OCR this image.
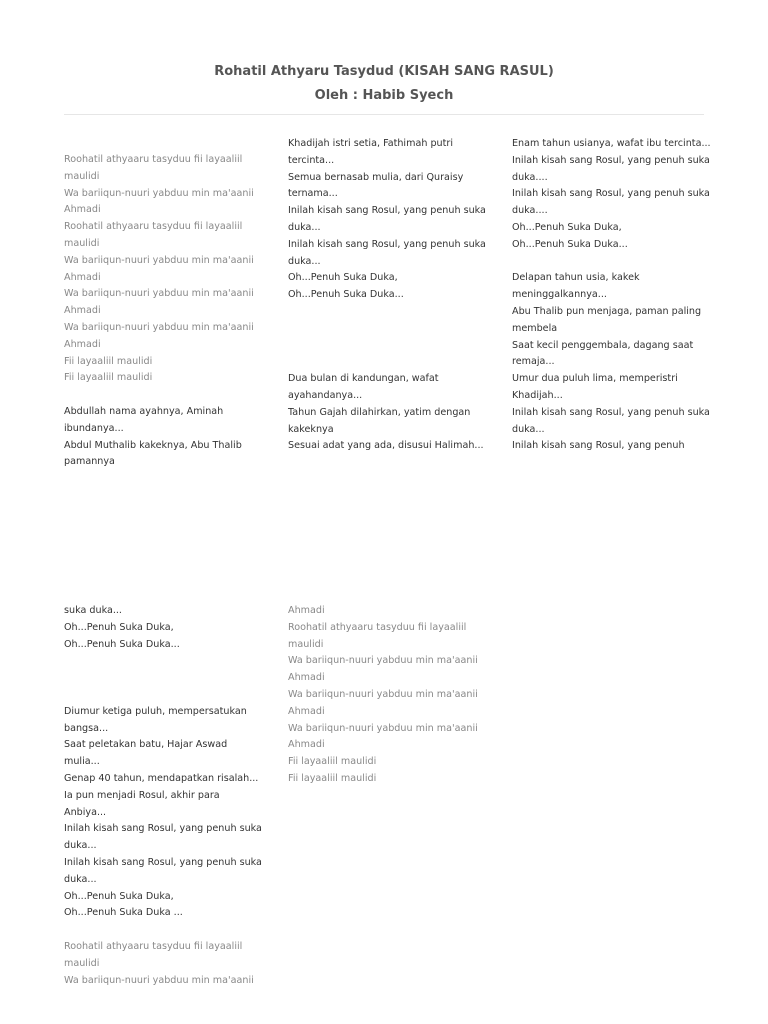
Rohatil Athyaru Tasydud (KISAH SANG RASUL)
Oleh : Habib Syech
Roohatil athyaaru tasyduu fii layaaliil maulidi
Wa bariiqun-nuuri yabduu min ma'aanii Ahmadi
Roohatil athyaaru tasyduu fii layaaliil maulidi
Wa bariiqun-nuuri yabduu min ma'aanii Ahmadi
Wa bariiqun-nuuri yabduu min ma'aanii Ahmadi
Wa bariiqun-nuuri yabduu min ma'aanii Ahmadi
Fii layaaliil maulidi
Fii layaaliil maulidi
Abdullah nama ayahnya, Aminah ibundanya...
Abdul Muthalib kakeknya, Abu Thalib pamannya
Khadijah istri setia, Fathimah putri tercinta...
Semua bernasab mulia, dari Quraisy ternama...
Inilah kisah sang Rosul, yang penuh suka duka...
Inilah kisah sang Rosul, yang penuh suka duka...
Oh...Penuh Suka Duka,
Oh...Penuh Suka Duka...
Dua bulan di kandungan, wafat ayahandanya...
Tahun Gajah dilahirkan, yatim dengan kakeknya
Sesuai adat yang ada, disusui Halimah...
Enam tahun usianya, wafat ibu tercinta...
Inilah kisah sang Rosul, yang penuh suka duka....
Inilah kisah sang Rosul, yang penuh suka duka....
Oh...Penuh Suka Duka,
Oh...Penuh Suka Duka...
Delapan tahun usia, kakek meninggalkannya...
Abu Thalib pun menjaga, paman paling membela
Saat kecil penggembala, dagang saat remaja...
Umur dua puluh lima, memperistri Khadijah...
Inilah kisah sang Rosul, yang penuh suka duka...
Inilah kisah sang Rosul, yang penuh
suka duka...
Oh...Penuh Suka Duka,
Oh...Penuh Suka Duka...
Diumur ketiga puluh, mempersatukan bangsa...
Saat peletakan batu, Hajar Aswad mulia...
Genap 40 tahun, mendapatkan risalah...
Ia pun menjadi Rosul, akhir para Anbiya...
Inilah kisah sang Rosul, yang penuh suka duka...
Inilah kisah sang Rosul, yang penuh suka duka...
Oh...Penuh Suka Duka,
Oh...Penuh Suka Duka ...
Roohatil athyaaru tasyduu fii layaaliil maulidi
Wa bariiqun-nuuri yabduu min ma'aanii
Ahmadi
Roohatil athyaaru tasyduu fii layaaliil maulidi
Wa bariiqun-nuuri yabduu min ma'aanii Ahmadi
Wa bariiqun-nuuri yabduu min ma'aanii Ahmadi
Wa bariiqun-nuuri yabduu min ma'aanii Ahmadi
Fii layaaliil maulidi
Fii layaaliil maulidi
